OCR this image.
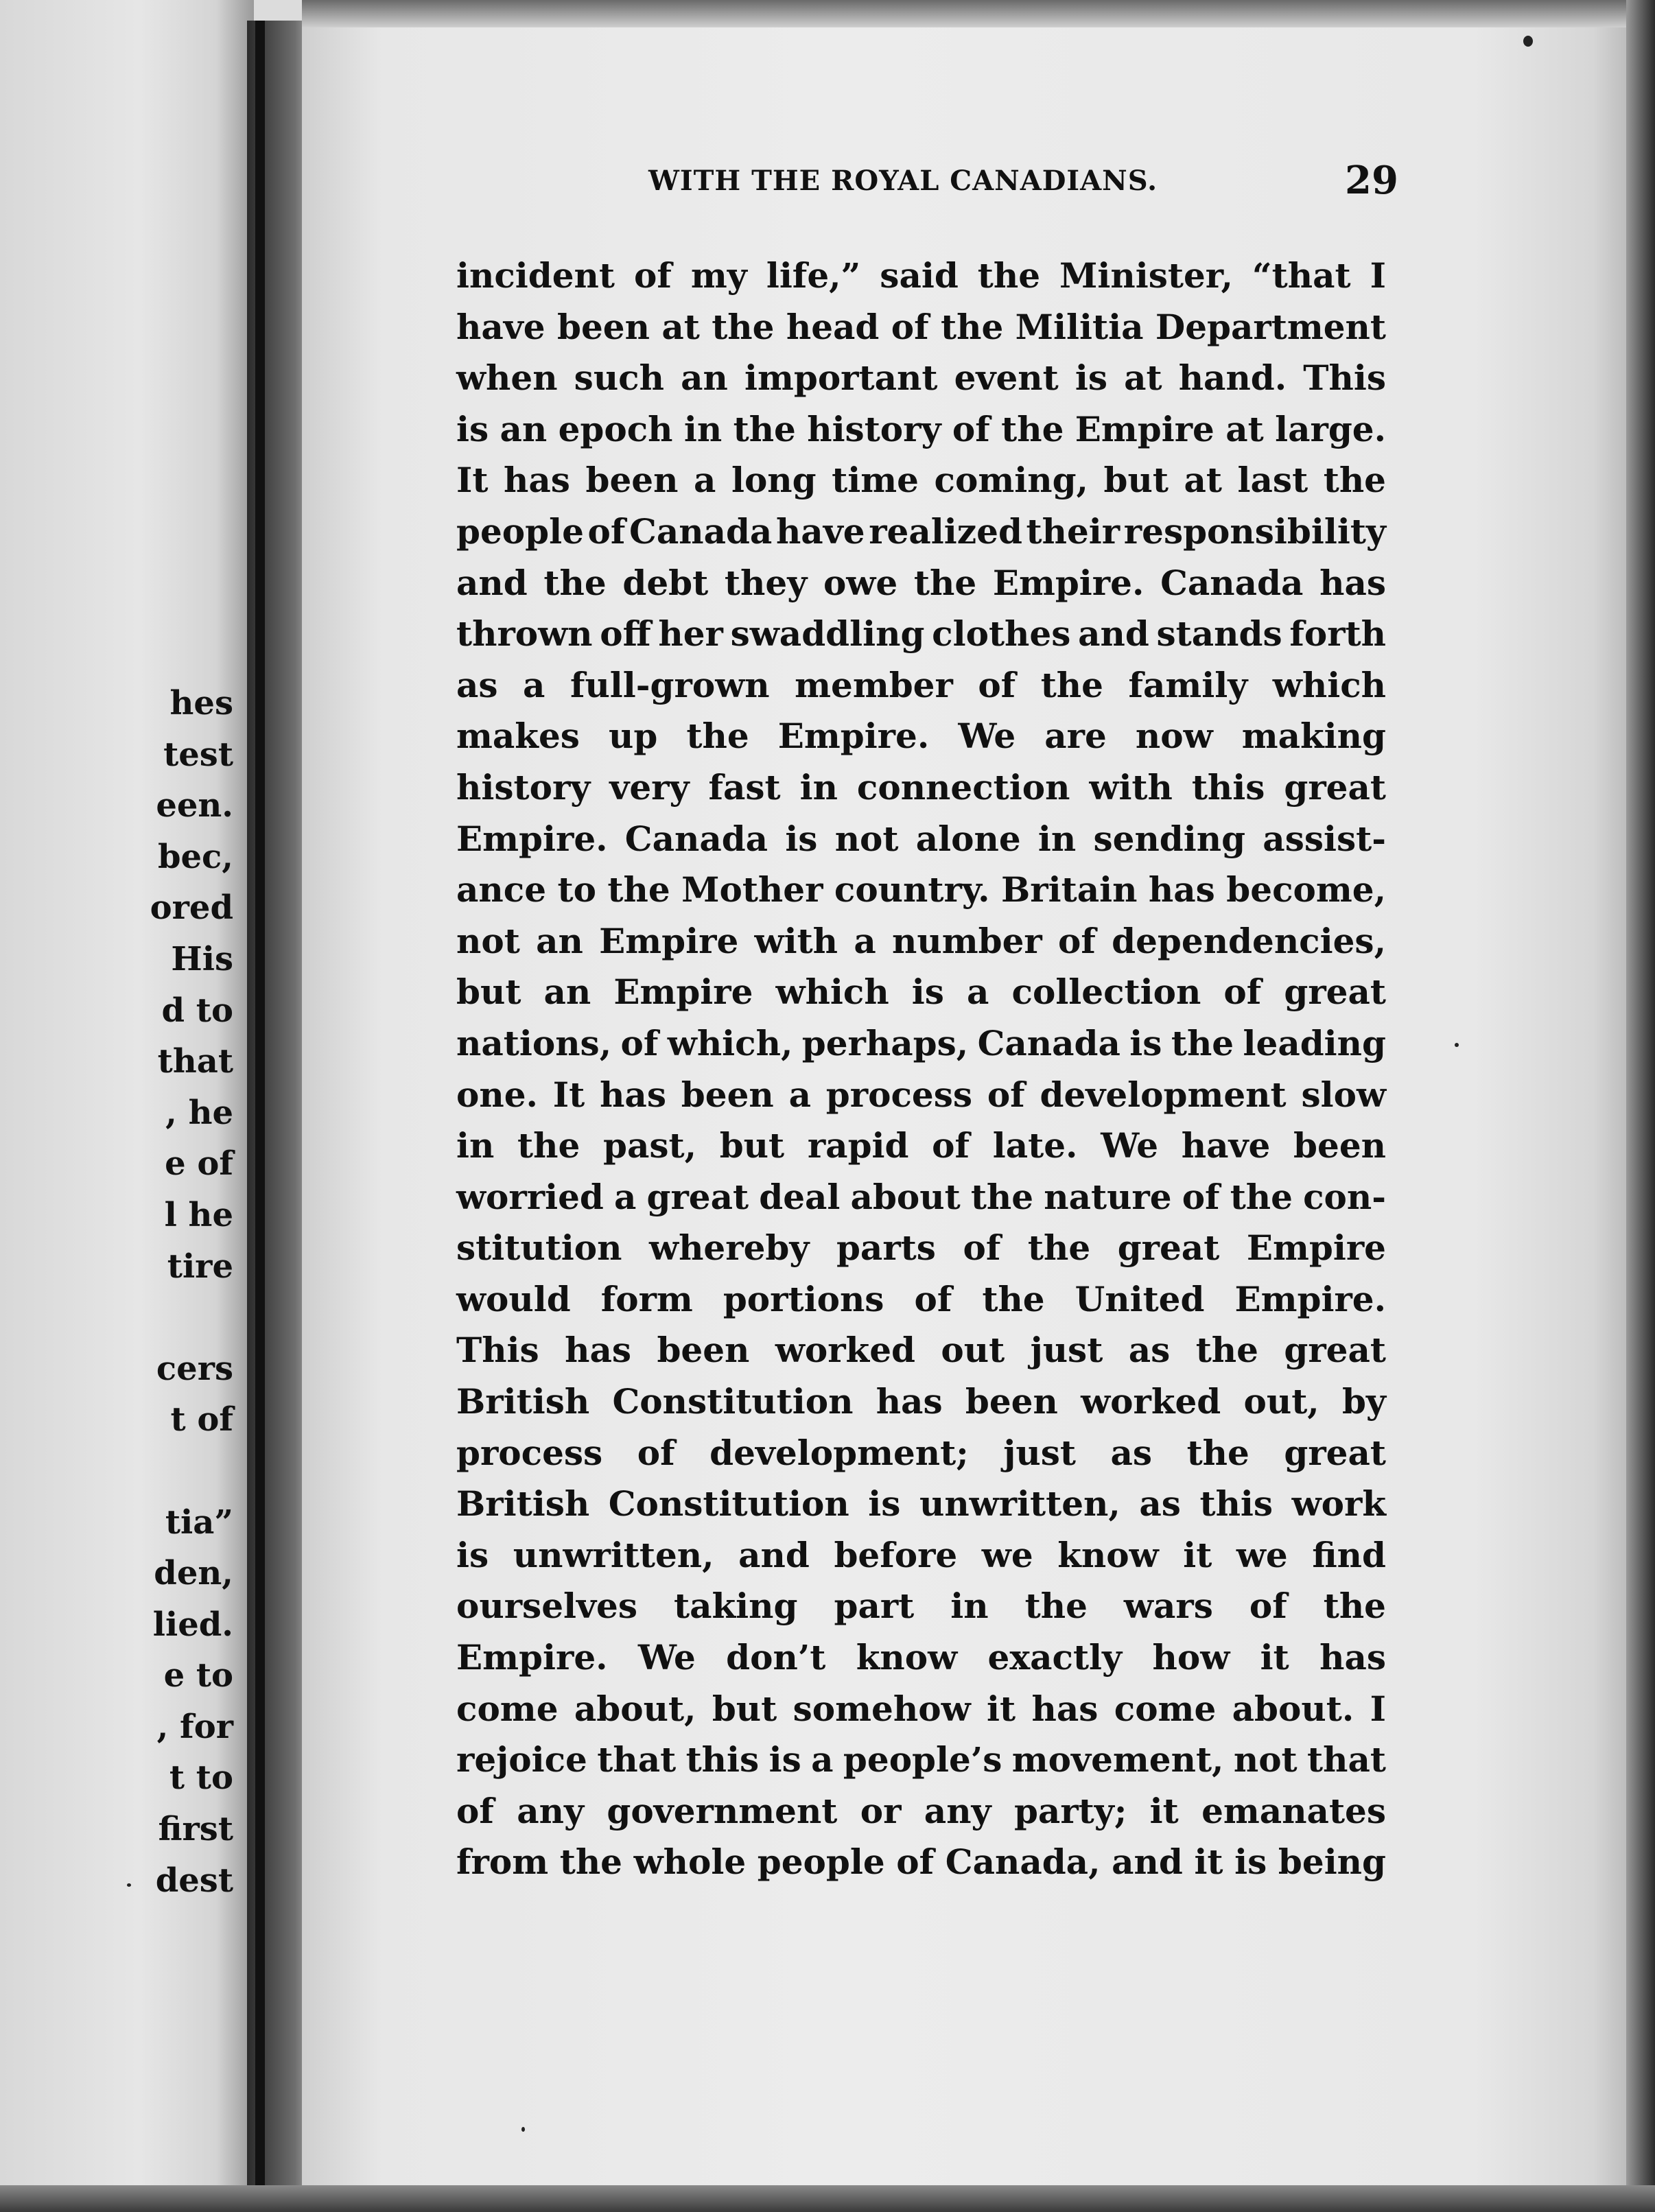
hes
test
een.
bec,
ored
His
d to
that
, he
e of
l he
tire
cers
t of
tia”
den,
lied.
e to
, for
t to
first
dest
WITH THE ROYAL CANADIANS.	29
incident of my life,” said the Minister, “that I
have been at the head of the Militia Department
when such an important event is at hand. This
is an epoch in the history of the Empire at large.
It has been a long time coming, but at last the
people of Canada have realized their responsibility
and the debt they owe the Empire. Canada has
thrown off her swaddling clothes and stands forth
as a full-grown member of the family which
makes up the Empire. We are now making
history very fast in connection with this great
Empire. Canada is not alone in sending assist-
ance to the Mother country. Britain has become,
not an Empire with a number of dependencies,
but an Empire which is a collection of great
nations, of which, perhaps, Canada is the leading
one. It has been a process of development slow
in the past, but rapid of late. We have been
worried a great deal about the nature of the con-
stitution whereby parts of the great Empire
would form portions of the United Empire.
This has been worked out just as the great
British Constitution has been worked out, by
process of development; just as the great
British Constitution is unwritten, as this work
is unwritten, and before we know it we find
ourselves taking part in the wars of the
Empire. We don’t know exactly how it has
come about, but somehow it has come about. I
rejoice that this is a people’s movement, not that
of any government or any party; it emanates
from the whole people of Canada, and it is being
